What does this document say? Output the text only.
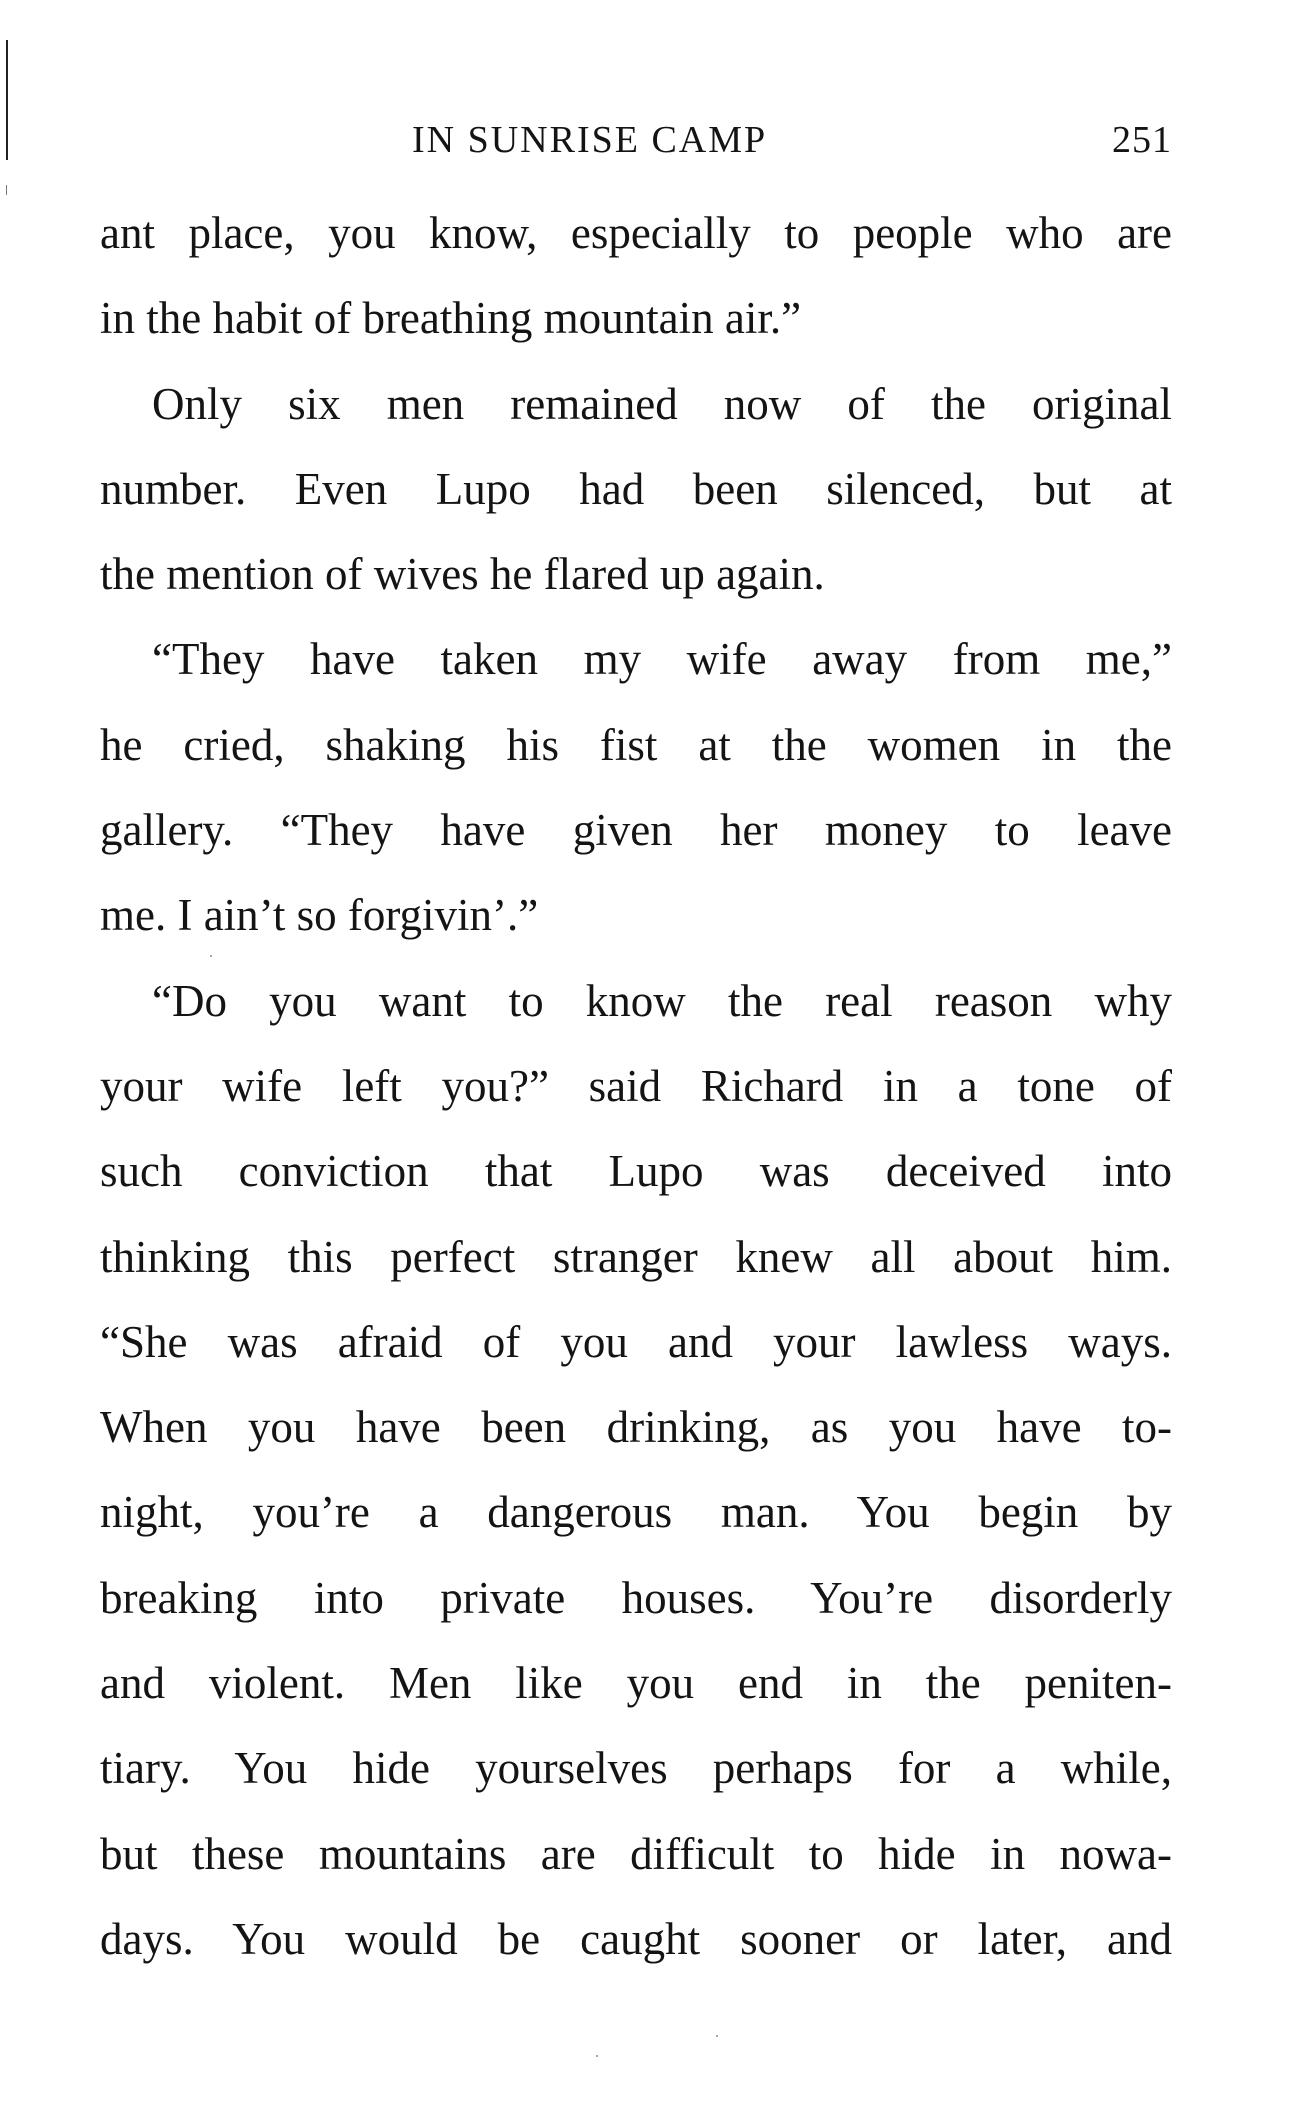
IN SUNRISE CAMP	251
ant place, you know, especially to people who are
in the habit of breathing mountain air.”
Only six men remained now of the original
number. Even Lupo had been silenced, but at
the mention of wives he flared up again.
“They have taken my wife away from me,”
he cried, shaking his fist at the women in the
gallery. “They have given her money to leave
me. I ain’t so forgivin’.”
“Do you want to know the real reason why
your wife left you?” said Richard in a tone of
such conviction that Lupo was deceived into
thinking this perfect stranger knew all about him.
“She was afraid of you and your lawless ways.
When you have been drinking, as you have to-
night, you’re a dangerous man. You begin by
breaking into private houses. You’re disorderly
and violent. Men like you end in the peniten-
tiary. You hide yourselves perhaps for a while,
but these mountains are difficult to hide in nowa-
days. You would be caught sooner or later, and
